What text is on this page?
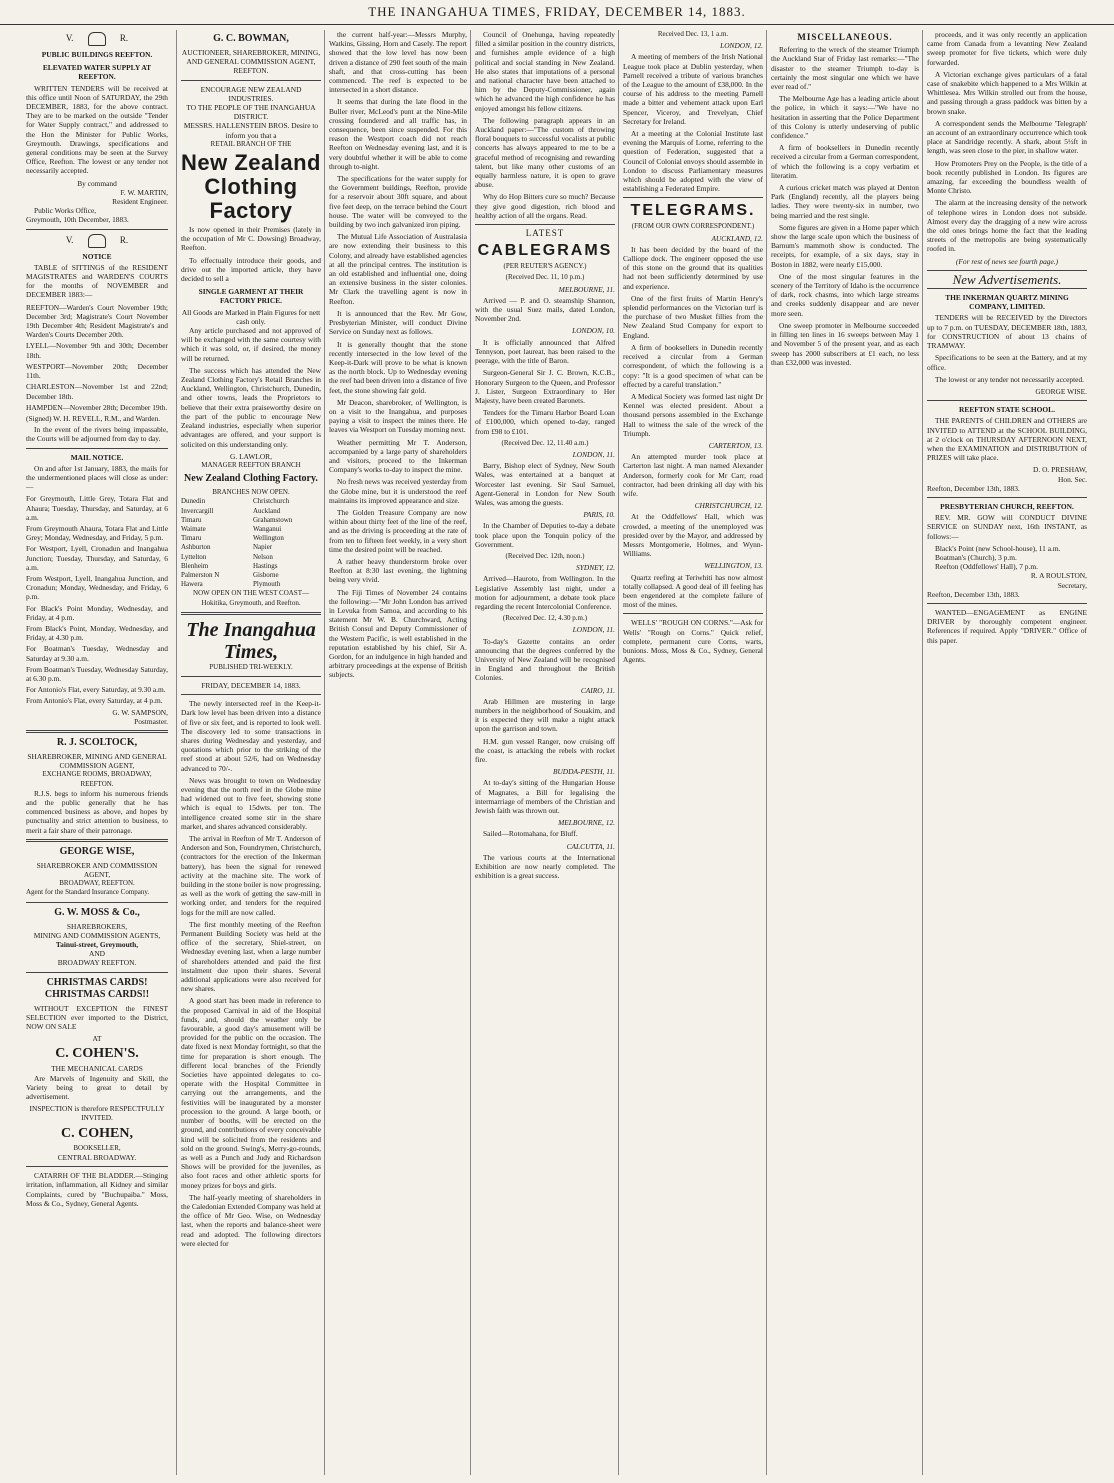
THE INANGAHUA TIMES, FRIDAY, DECEMBER 14, 1883.
V.	R.
PUBLIC BUILDINGS REEFTON.
ELEVATED WATER SUPPLY AT REEFTON.

WRITTEN TENDERS will be received at this office until Noon of SATURDAY, the 29th DECEMBER, 1883, for the above contract. They are to be marked on the outside "Tender for Water Supply contract," and addressed to the Hon the Minister for Public Works, Greymouth. Drawings, specifications and general conditions may be seen at the Survey Office, Reefton. The lowest or any tender not necessarily accepted.

By command
F. W. MARTIN,
Resident Engineer.
Public Works Office,
Greymouth, 10th December, 1883.
V.	R.
NOTICE

TABLE of SITTINGS of the RESIDENT MAGISTRATES and WARDEN'S COURTS for the months of NOVEMBER and DECEMBER 1883:—

REEFTON—Warden's Court November 19th; December 3rd; Magistrate's Court November 19th December 4th; Resident Magistrate's and Warden's Courts December 20th.
LYELL—November 9th and 30th; December 18th.
WESTPORT—November 20th; December 11th.
CHARLESTON—November 1st and 22nd; December 18th.
HAMPDEN—November 28th; December 19th.
(Signed) W. H. REVELL, R.M., and Warden.

In the event of the rivers being impassable, the Courts will be adjourned from day to day.

MAIL NOTICE.

On and after 1st January, 1883, the mails for the undermentioned places will close as under:—

For Greymouth, Little Grey, Totara Flat and Ahaura; Tuesday, Thursday, and Saturday, at 6 a.m.
From Greymouth Ahaura, Totara Flat and Little Grey; Monday, Wednesday, and Friday, 5 p.m.
For Westport, Lyell, Cronadun and Inangahua Junction; Tuesday, Thursday, and Saturday, 6 a.m.
From Westport, Lyell, Inangahua Junction, and Cronadun; Monday, Wednesday, and Friday, 6 p.m.
For Black's Point Monday, Wednesday, and Friday, at 4 p.m.
From Black's Point, Monday, Wednesday, and Friday, at 4.30 p.m.
For Boatman's Tuesday, Wednesday and Saturday at 9.30 a.m.
From Boatman's Tuesday, Wednesday Saturday, at 6.30 p.m.
For Antonio's Flat, every Saturday, at 9.30 a.m.
From Antonio's Flat, every Saturday, at 4 p.m.
G. W. SAMPSON,
Postmaster.
R. J. SCOLTOCK,
SHAREBROKER, MINING AND GENERAL COMMISSION AGENT,
EXCHANGE ROOMS, BROADWAY, REEFTON.

R.J.S. begs to inform his numerous friends and the public generally that he has commenced business as above, and hopes by punctuality and strict attention to business, to merit a fair share of their patronage.

GEORGE WISE,
SHAREBROKER AND COMMISSION AGENT,
BROADWAY, REEFTON.
Agent for the Standard Insurance Company.
G. W. MOSS & Co.,
SHAREBROKERS,
MINING AND COMMISSION AGENTS,
Tainui-street, Greymouth,
AND
BROADWAY REEFTON.
CHRISTMAS CARDS! CHRISTMAS CARDS!!

WITHOUT EXCEPTION the FINEST SELECTION ever imported to the District, NOW ON SALE

AT
C. COHEN'S.
THE MECHANICAL CARDS

Are Marvels of Ingenuity and Skill, the Variety being to great to detail by advertisement.

INSPECTION is therefore RESPECTFULLY INVITED.
C. COHEN,
BOOKSELLER,
CENTRAL BROADWAY.

CATARRH OF THE BLADDER.—Stinging irritation, inflammation, all Kidney and similar Complaints, cured by "Buchupaiba." Moss, Moss & Co., Sydney, General Agents.

G. C. BOWMAN,
AUCTIONEER, SHAREBROKER, MINING, AND GENERAL COMMISSION AGENT,
REEFTON.
ENCOURAGE NEW ZEALAND INDUSTRIES.
TO THE PEOPLE OF THE INANGAHUA DISTRICT.
MESSRS. HALLENSTEIN BROS. Desire to inform you that a
RETAIL BRANCH OF THE
New Zealand Clothing Factory

Is now opened in their Premises (lately in the occupation of Mr C. Dowsing) Broadway, Reefton.

To effectually introduce their goods, and drive out the imported article, they have decided to sell a

SINGLE GARMENT AT THEIR FACTORY PRICE.
All Goods are Marked in Plain Figures for nett cash only.

Any article purchased and not approved of will be exchanged with the same courtesy with which it was sold, or, if desired, the money will be returned.

The success which has attended the New Zealand Clothing Factory's Retail Branches in Auckland, Wellington, Christchurch, Dunedin, and other towns, leads the Proprietors to believe that their extra praiseworthy desire on the part of the public to encourage New Zealand industries, especially when superior advantages are offered, and your support is solicited on this understanding only.

G. LAWLOR,
MANAGER REEFTON BRANCH
New Zealand Clothing Factory.
BRANCHES NOW OPEN.
Dunedin	Christchurch
Invercargill	Auckland
Timaru	Grahamstown
Waimate	Wanganui
Timaru	Wellington
Ashburton	Napier
Lyttelton	Nelson
Blenheim	Hastings
Palmerston N	Gisborne
Hawera	Plymouth
NOW OPEN ON THE WEST COAST—Hokitika, Greymouth, and Reefton.
The Inangahua Times,
PUBLISHED TRI-WEEKLY.
FRIDAY, DECEMBER 14, 1883.

The newly intersected reef in the Keep-it-Dark low level has been driven into a distance of five or six feet, and is reported to look well. The discovery led to some transactions in shares during Wednesday and yesterday, and quotations which prior to the striking of the reef stood at about 52/6, had on Wednesday advanced to 70/-.

News was brought to town on Wednesday evening that the north reef in the Globe mine had widened out to five feet, showing stone which is equal to 15dwts. per ton. The intelligence created some stir in the share market, and shares advanced considerably.

The arrival in Reefton of Mr T. Anderson of Anderson and Son, Foundrymen, Christchurch, (contractors for the erection of the Inkerman battery), has been the signal for renewed activity at the machine site. The work of building in the stone boiler is now progressing, as well as the work of getting the saw-mill in working order, and tenders for the required logs for the mill are now called.

The first monthly meeting of the Reefton Permanent Building Society was held at the office of the secretary, Shiel-street, on Wednesday evening last, when a large number of shareholders attended and paid the first instalment due upon their shares. Several additional applications were also received for new shares.

A good start has been made in reference to the proposed Carnival in aid of the Hospital funds, and, should the weather only be favourable, a good day's amusement will be provided for the public on the occasion. The date fixed is next Monday fortnight, so that the time for preparation is short enough. The different local branches of the Friendly Societies have appointed delegates to co-operate with the Hospital Committee in carrying out the arrangements, and the festivities will be inaugurated by a monster procession to the ground. A large booth, or number of booths, will be erected on the ground, and contributions of every conceivable kind will be solicited from the residents and sold on the ground. Swing's, Merry-go-rounds, as well as a Punch and Judy and Richardson Shows will be provided for the juveniles, as also foot races and other athletic sports for money prizes for boys and girls.

The half-yearly meeting of shareholders in the Caledonian Extended Company was held at the office of Mr Geo. Wise, on Wednesday last, when the reports and balance-sheet were read and adopted. The following directors were elected for

the current half-year:—Messrs Murphy, Watkins, Gissing, Horn and Casely. The report showed that the low level has now been driven a distance of 290 feet south of the main shaft, and that cross-cutting has been commenced. The reef is expected to be intersected in a short distance.

It seems that during the late flood in the Buller river, McLeod's punt at the Nine-Mile crossing foundered and all traffic has, in consequence, been since suspended. For this reason the Westport coach did not reach Reefton on Wednesday evening last, and it is very doubtful whether it will be able to come through to-night.

The specifications for the water supply for the Government buildings, Reefton, provide for a reservoir about 30ft square, and about five feet deep, on the terrace behind the Court house. The water will be conveyed to the building by two inch galvanized iron piping.

The Mutual Life Association of Australasia are now extending their business to this Colony, and already have established agencies at all the principal centres. The institution is an old established and influential one, doing an extensive business in the sister colonies. Mr Clark the travelling agent is now in Reefton.

It is announced that the Rev. Mr Gow, Presbyterian Minister, will conduct Divine Service on Sunday next as follows.

It is generally thought that the stone recently intersected in the low level of the Keep-it-Dark will prove to be what is known as the north block. Up to Wednesday evening the reef had been driven into a distance of five feet, the stone showing fair gold.

Mr Deacon, sharebroker, of Wellington, is on a visit to the Inangahua, and purposes paying a visit to inspect the mines there. He leaves via Westport on Tuesday morning next.

Weather permitting Mr T. Anderson, accompanied by a large party of shareholders and visitors, proceed to the Inkerman Company's works to-day to inspect the mine.

No fresh news was received yesterday from the Globe mine, but it is understood the reef maintains its improved appearance and size.

The Golden Treasure Company are now within about thirty feet of the line of the reef, and as the driving is proceeding at the rate of from ten to fifteen feet weekly, in a very short time the desired point will be reached.

A rather heavy thunderstorm broke over Reefton at 8:30 last evening, the lightning being very vivid.

The Fiji Times of November 24 contains the following:—"Mr John London has arrived in Levuka from Samoa, and according to his statement Mr W. B. Churchward, Acting British Consul and Deputy Commissioner of the Western Pacific, is well established in the reputation established by his chief, Sir A. Gordon, for an indulgence in high handed and arbitrary proceedings at the expense of British subjects.

Council of Onehunga, having repeatedly filled a similar position in the country districts, and furnishes ample evidence of a high political and social standing in New Zealand. He also states that imputations of a personal and national character have been attached to him by the Deputy-Commissioner, again which he advanced the high confidence he has enjoyed amongst his fellow citizens.

The following paragraph appears in an Auckland paper:—"The custom of throwing floral bouquets to successful vocalists at public concerts has always appeared to me to be a graceful method of recognising and rewarding talent, but like many other customs of an equally harmless nature, it is open to grave abuse.

Why do Hop Bitters cure so much? Because they give good digestion, rich blood and healthy action of all the organs. Read.

LATEST
CABLEGRAMS
(PER REUTER'S AGENCY.)
(Received Dec. 11, 10 p.m.)
MELBOURNE, 11.

Arrived — P. and O. steamship Shannon, with the usual Suez mails, dated London, November 2nd.

LONDON, 10.

It is officially announced that Alfred Tennyson, poet laureat, has been raised to the peerage, with the title of Baron.

Surgeon-General Sir J. C. Brown, K.C.B., Honorary Surgeon to the Queen, and Professor J. Lister, Surgeon Extraordinary to Her Majesty, have been created Baronets.

Tenders for the Timaru Harbor Board Loan of £100,000, which opened to-day, ranged from £98 to £101.

(Received Dec. 12, 11.40 a.m.)
LONDON, 11.

Barry, Bishop elect of Sydney, New South Wales, was entertained at a banquet at Worcester last evening. Sir Saul Samuel, Agent-General in London for New South Wales, was among the guests.

PARIS, 10.

In the Chamber of Deputies to-day a debate took place upon the Tonquin policy of the Government.

(Received Dec. 12th, noon.)
SYDNEY, 12.

Arrived—Hauroto, from Wellington. In the Legislative Assembly last night, under a motion for adjournment, a debate took place regarding the recent Intercolonial Conference.

(Received Dec. 12, 4.30 p.m.)
LONDON, 11.

To-day's Gazette contains an order announcing that the degrees conferred by the University of New Zealand will be recognised in England and throughout the British Colonies.

CAIRO, 11.

Arab Hillmen are mustering in large numbers in the neighborhood of Souakim, and it is expected they will make a night attack upon the garrison and town.

H.M. gun vessel Ranger, now cruising off the coast, is attacking the rebels with rocket fire.

BUDDA-PESTH, 11.

At to-day's sitting of the Hungarian House of Magnates, a Bill for legalising the intermarriage of members of the Christian and Jewish faith was thrown out.

MELBOURNE, 12.

Sailed—Rotomahana, for Bluff.

CALCUTTA, 11.

The various courts at the International Exhibition are now nearly completed. The exhibition is a great success.

Received Dec. 13, 1 a.m.
LONDON, 12.

A meeting of members of the Irish National League took place at Dublin yesterday, when Parnell received a tribute of various branches of the League to the amount of £38,000. In the course of his address to the meeting Parnell made a bitter and vehement attack upon Earl Spencer, Viceroy, and Trevelyan, Chief Secretary for Ireland.

At a meeting at the Colonial Institute last evening the Marquis of Lorne, referring to the question of Federation, suggested that a Council of Colonial envoys should assemble in London to discuss Parliamentary measures which should be adopted with the view of establishing a Federated Empire.

TELEGRAMS.
(FROM OUR OWN CORRESPONDENT.)
AUCKLAND, 12.

It has been decided by the board of the Calliope dock. The engineer opposed the use of this stone on the ground that its qualities had not been sufficiently determined by use and experience.

One of the first fruits of Martin Henry's splendid performances on the Victorian turf is the purchase of two Musket fillies from the New Zealand Stud Company for export to England.

A firm of booksellers in Dunedin recently received a circular from a German correspondent, of which the following is a copy: "It is a good specimen of what can be effected by a careful translation."

A Medical Society was formed last night Dr Kennel was elected president. About a thousand persons assembled in the Exchange Hall to witness the sale of the wreck of the Triumph.

CARTERTON, 13.

An attempted murder took place at Carterton last night. A man named Alexander Anderson, formerly cook for Mr Carr, road contractor, had been drinking all day with his wife.

CHRISTCHURCH, 12.

At the Oddfellows' Hall, which was crowded, a meeting of the unemployed was presided over by the Mayor, and addressed by Messrs Montgomerie, Holmes, and Wynn-Williams.

WELLINGTON, 13.

Quartz reefing at Teriwhiti has now almost totally collapsed. A good deal of ill feeling has been engendered at the complete failure of most of the mines.

WELLS' "ROUGH ON CORNS."—Ask for Wells' "Rough on Corns." Quick relief, complete, permanent cure Corns, warts, bunions. Moss, Moss & Co., Sydney, General Agents.

MISCELLANEOUS.

Referring to the wreck of the steamer Triumph the Auckland Star of Friday last remarks:—"The disaster to the steamer Triumph to-day is certainly the most singular one which we have ever read of."

The Melbourne Age has a leading article about the police, in which it says:—"We have no hesitation in asserting that the Police Department of this Colony is utterly undeserving of public confidence."

A firm of booksellers in Dunedin recently received a circular from a German correspondent, of which the following is a copy verbatim et literatim.

A curious cricket match was played at Denton Park (England) recently, all the players being ladies. They were twenty-six in number, two being married and the rest single.

Some figures are given in a Home paper which show the large scale upon which the business of Barnum's mammoth show is conducted. The receipts, for example, of a six days, stay in Boston in 1882, were nearly £15,000.

One of the most singular features in the scenery of the Territory of Idaho is the occurrence of dark, rock chasms, into which large streams and creeks suddenly disappear and are never more seen.

One sweep promoter in Melbourne succeeded in filling ten lines in 16 sweeps between May 1 and November 5 of the present year, and as each sweep has 2000 subscribers at £1 each, no less than £32,000 was invested.

proceeds, and it was only recently an application came from Canada from a levanting New Zealand sweep promoter for five tickets, which were duly forwarded.

A Victorian exchange gives particulars of a fatal case of snakebite which happened to a Mrs Wilkin at Whittlesea. Mrs Wilkin strolled out from the house, and passing through a grass paddock was bitten by a brown snake.

A correspondent sends the Melbourne 'Telegraph' an account of an extraordinary occurrence which took place at Sandridge recently. A shark, about 5½ft in length, was seen close to the pier, in shallow water.

How Promoters Prey on the People, is the title of a book recently published in London. Its figures are amazing, far exceeding the boundless wealth of Monte Christo.

The alarm at the increasing density of the network of telephone wires in London does not subside. Almost every day the dragging of a new wire across the old ones brings home the fact that the leading streets of the metropolis are being systematically roofed in.

(For rest of news see fourth page.)
New Advertisements.
THE INKERMAN QUARTZ MINING COMPANY, LIMITED.

TENDERS will be RECEIVED by the Directors up to 7 p.m. on TUESDAY, DECEMBER 18th, 1883, for CONSTRUCTION of about 13 chains of TRAMWAY.

Specifications to be seen at the Battery, and at my office.

The lowest or any tender not necessarily accepted.

GEORGE WISE.
REEFTON STATE SCHOOL.

THE PARENTS of CHILDREN and OTHERS are INVITED to ATTEND at the SCHOOL BUILDING, at 2 o'clock on THURSDAY AFTERNOON NEXT, when the EXAMINATION and DISTRIBUTION of PRIZES will take place.

D. O. PRESHAW,
Hon. Sec.
Reefton, December 13th, 1883.
PRESBYTERIAN CHURCH, REEFTON.

REV. MR. GOW will CONDUCT DIVINE SERVICE on SUNDAY next, 16th INSTANT, as follows:—

Black's Point (new School-house), 11 a.m.
Boatman's (Church), 3 p.m.
Reefton (Oddfellows' Hall), 7 p.m.
R. A ROULSTON,
Secretary,
Reefton, December 13th, 1883.

WANTED—ENGAGEMENT as ENGINE DRIVER by thoroughly competent engineer. References if required. Apply "DRIVER." Office of this paper.
